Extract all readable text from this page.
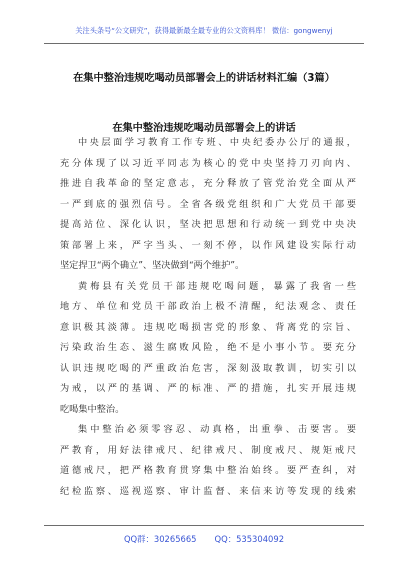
关注头条号“公文研究”，获得最新最全最专业的公文资料库！ 微信：gongwenyj
在集中整治违规吃喝动员部署会上的讲话材料汇编（3篇）
在集中整治违规吃喝动员部署会上的讲话
中央层面学习教育工作专班、中央纪委办公厅的通报，
充分体现了以习近平同志为核心的党中央坚持刀刃向内、
推进自我革命的坚定意志，充分释放了管党治党全面从严
一严到底的强烈信号。全省各级党组织和广大党员干部要
提高站位、深化认识，坚决把思想和行动统一到党中央决
策部署上来，严字当头、一刻不停，以作风建设实际行动
坚定捍卫“两个确立”、坚决做到“两个维护”。
黄梅县有关党员干部违规吃喝问题，暴露了我省一些
地方、单位和党员干部政治上极不清醒，纪法观念、责任
意识极其淡薄。违规吃喝损害党的形象、背离党的宗旨、
污染政治生态、滋生腐败风险，绝不是小事小节。要充分
认识违规吃喝的严重政治危害，深刻汲取教训，切实引以
为戒，以严的基调、严的标准、严的措施，扎实开展违规
吃喝集中整治。
集中整治必须零容忍、动真格，出重拳、击要害。要
严教育，用好法律戒尺、纪律戒尺、制度戒尺、规矩戒尺
道德戒尺，把严格教育贯穿集中整治始终。要严查纠，对
纪检监察、巡视巡察、审计监督、来信来访等发现的线索
QQ群：30265665 QQ：535304092
